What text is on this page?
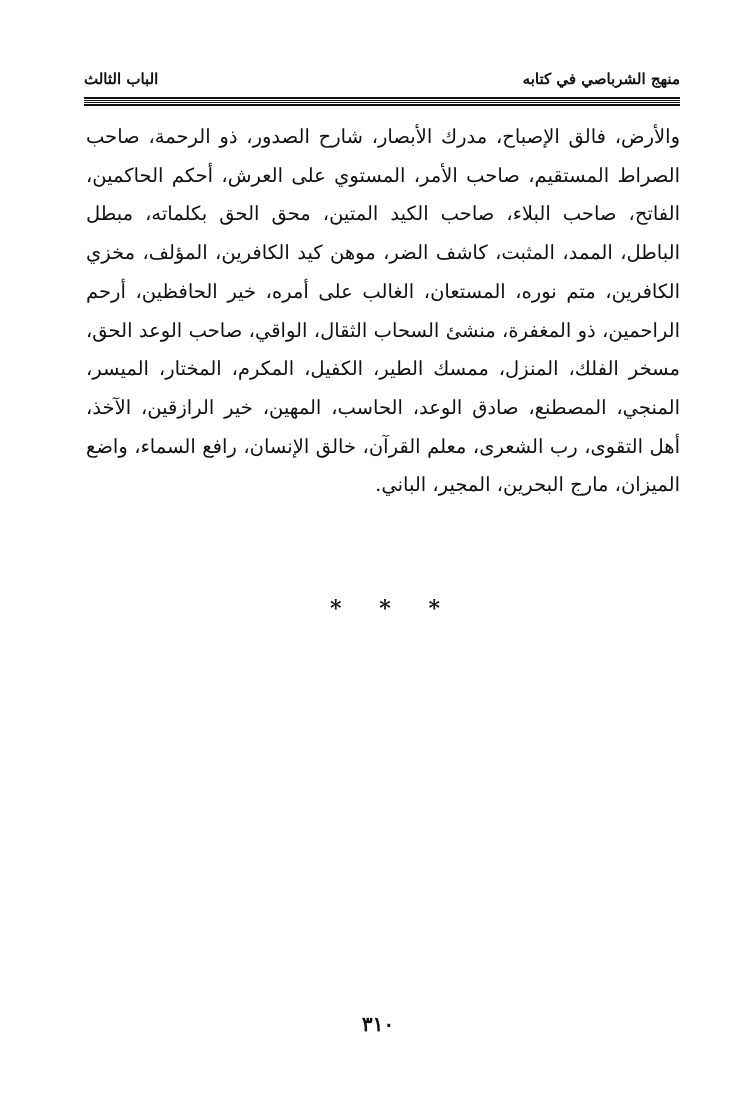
منهج الشرباصي في كتابه
الباب الثالث

والأرض، فالق الإصباح، مدرك الأبصار، شارح الصدور، ذو الرحمة، صاحب الصراط المستقيم، صاحب الأمر، المستوي على العرش، أحكم الحاكمين، الفاتح، صاحب البلاء، صاحب الكيد المتين، محق الحق بكلماته، مبطل الباطل، الممد، المثبت، كاشف الضر، موهن كيد الكافرين، المؤلف، مخزي الكافرين، متم نوره، المستعان، الغالب على أمره، خير الحافظين، أرحم الراحمين، ذو المغفرة، منشئ السحاب الثقال، الواقي، صاحب الوعد الحق، مسخر الفلك، المنزل، ممسك الطير، الكفيل، المكرم، المختار، الميسر، المنجي، المصطنع، صادق الوعد، الحاسب، المهين، خير الرازقين، الآخذ، أهل التقوى، رب الشعرى، معلم القرآن، خالق الإنسان، رافع السماء، واضع الميزان، مارج البحرين، المجير، الباني.

* * *
٣١٠
